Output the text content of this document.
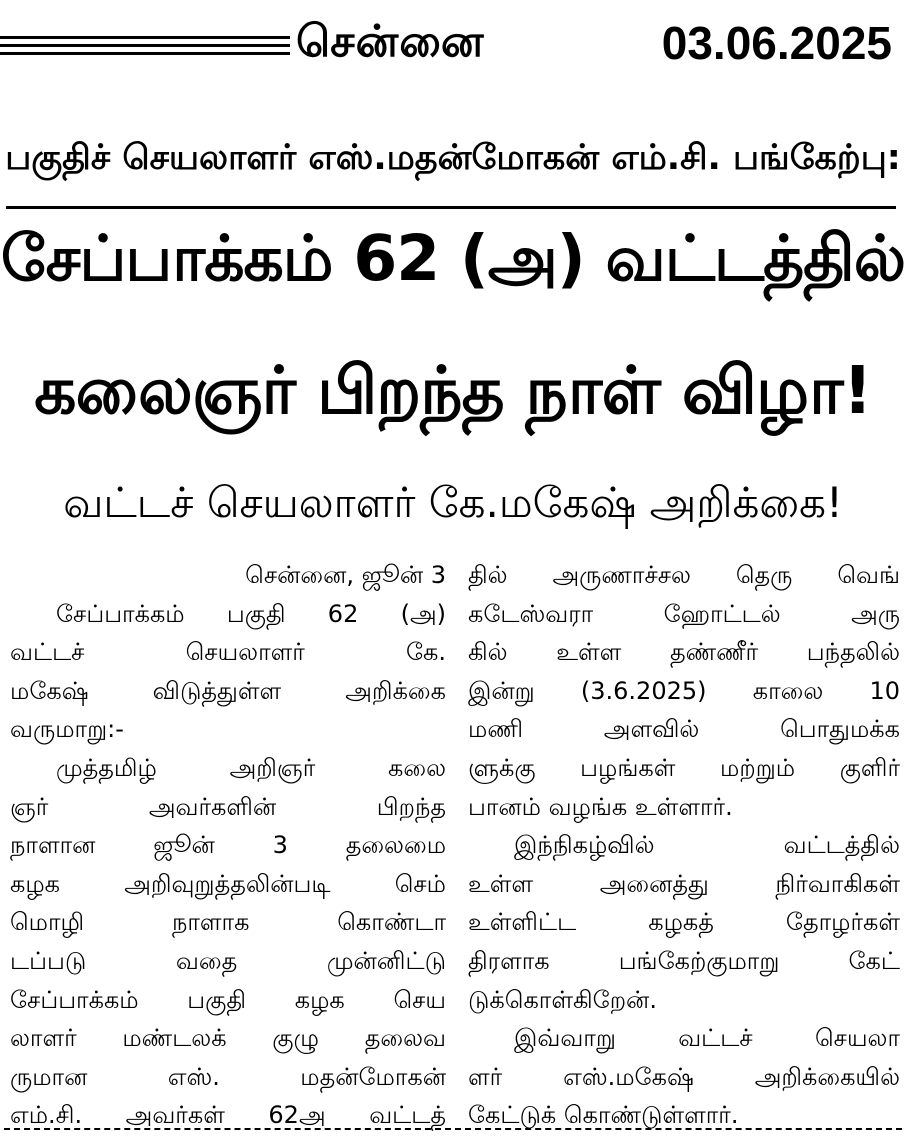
சென்னை	03.06.2025
பகுதிச் செயலாளர் எஸ்.மதன்மோகன் எம்.சி. பங்கேற்பு:
சேப்பாக்கம் 62 (அ) வட்டத்தில்
கலைஞர் பிறந்த நாள் விழா!
வட்டச் செயலாளர் கே.மகேஷ் அறிக்கை!
சென்னை, ஜூன் 3
சேப்பாக்கம் பகுதி 62 (அ)
வட்டச் செயலாளர் கே.
மகேஷ் விடுத்துள்ள அறிக்கை
வருமாறு:-
முத்தமிழ் அறிஞர் கலை
ஞர் அவர்களின் பிறந்த
நாளான ஜூன் 3 தலைமை
கழக அறிவுறுத்தலின்படி செம்
மொழி நாளாக கொண்டா
டப்படு வதை முன்னிட்டு
சேப்பாக்கம் பகுதி கழக செய
லாளர் மண்டலக் குழு தலைவ
ருமான எஸ். மதன்மோகன்
எம்.சி. அவர்கள் 62அ வட்டத்
தில் அருணாச்சல தெரு வெங்
கடேஸ்வரா ஹோட்டல் அரு
கில் உள்ள தண்ணீர் பந்தலில்
இன்று (3.6.2025) காலை 10
மணி அளவில் பொதுமக்க
ளுக்கு பழங்கள் மற்றும் குளிர்
பானம் வழங்க உள்ளார்.
இந்நிகழ்வில் வட்டத்தில்
உள்ள அனைத்து நிர்வாகிகள்
உள்ளிட்ட கழகத் தோழர்கள்
திரளாக பங்கேற்குமாறு கேட்
டுக்கொள்கிறேன்.
இவ்வாறு வட்டச் செயலா
ளர் எஸ்.மகேஷ் அறிக்கையில்
கேட்டுக் கொண்டுள்ளார்.
